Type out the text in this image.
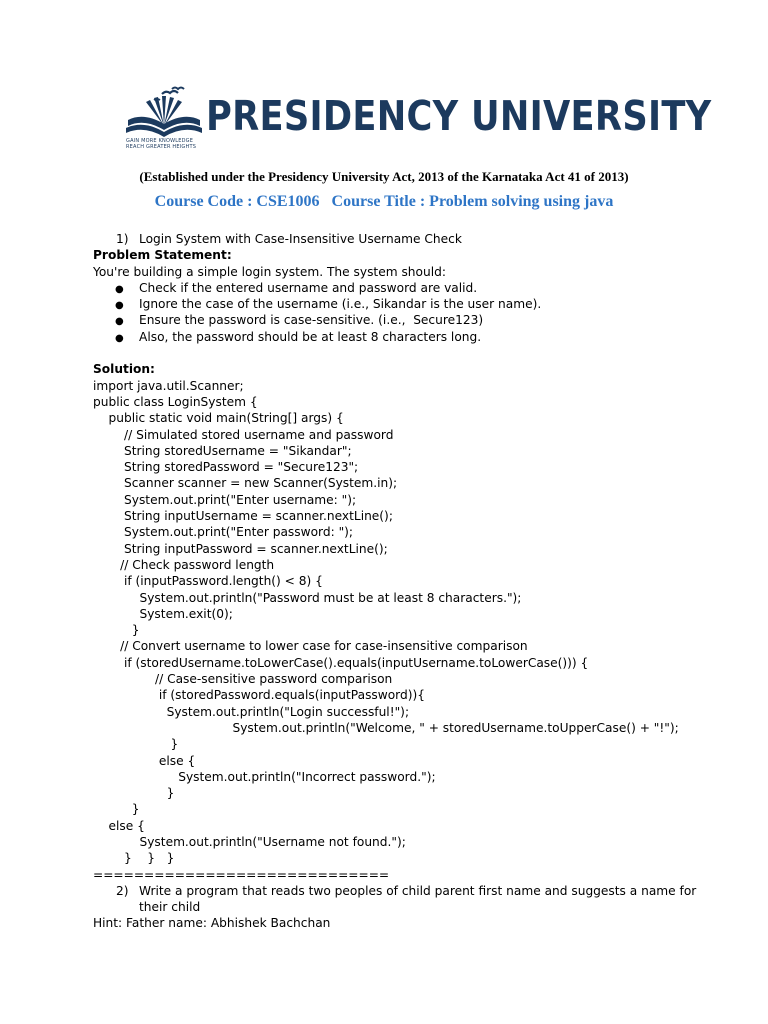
GAIN MORE KNOWLEDGE REACH GREATER HEIGHTS
PRESIDENCY UNIVERSITY
(Established under the Presidency University Act, 2013 of the Karnataka Act 41 of 2013)
Course Code : CSE1006   Course Title : Problem solving using java
1) Login System with Case-Insensitive Username Check
Problem Statement:
You're building a simple login system. The system should:
● Check if the entered username and password are valid.
● Ignore the case of the username (i.e., Sikandar is the user name).
● Ensure the password is case-sensitive. (i.e.,  Secure123)
● Also, the password should be at least 8 characters long.
Solution:
import java.util.Scanner;
public class LoginSystem {
public static void main(String[] args) {
// Simulated stored username and password
String storedUsername = "Sikandar";
String storedPassword = "Secure123";
Scanner scanner = new Scanner(System.in);
System.out.print("Enter username: ");
String inputUsername = scanner.nextLine();
System.out.print("Enter password: ");
String inputPassword = scanner.nextLine();
// Check password length
if (inputPassword.length() < 8) {
System.out.println("Password must be at least 8 characters.");
System.exit(0);
}
// Convert username to lower case for case-insensitive comparison
if (storedUsername.toLowerCase().equals(inputUsername.toLowerCase())) {
// Case-sensitive password comparison
if (storedPassword.equals(inputPassword)){
System.out.println("Login successful!");
System.out.println("Welcome, " + storedUsername.toUpperCase() + "!");
}
else {
System.out.println("Incorrect password.");
}
}
else {
System.out.println("Username not found.");
}    }   }
=============================
2) Write a program that reads two peoples of child parent first name and suggests a name for
their child
Hint: Father name: Abhishek Bachchan
